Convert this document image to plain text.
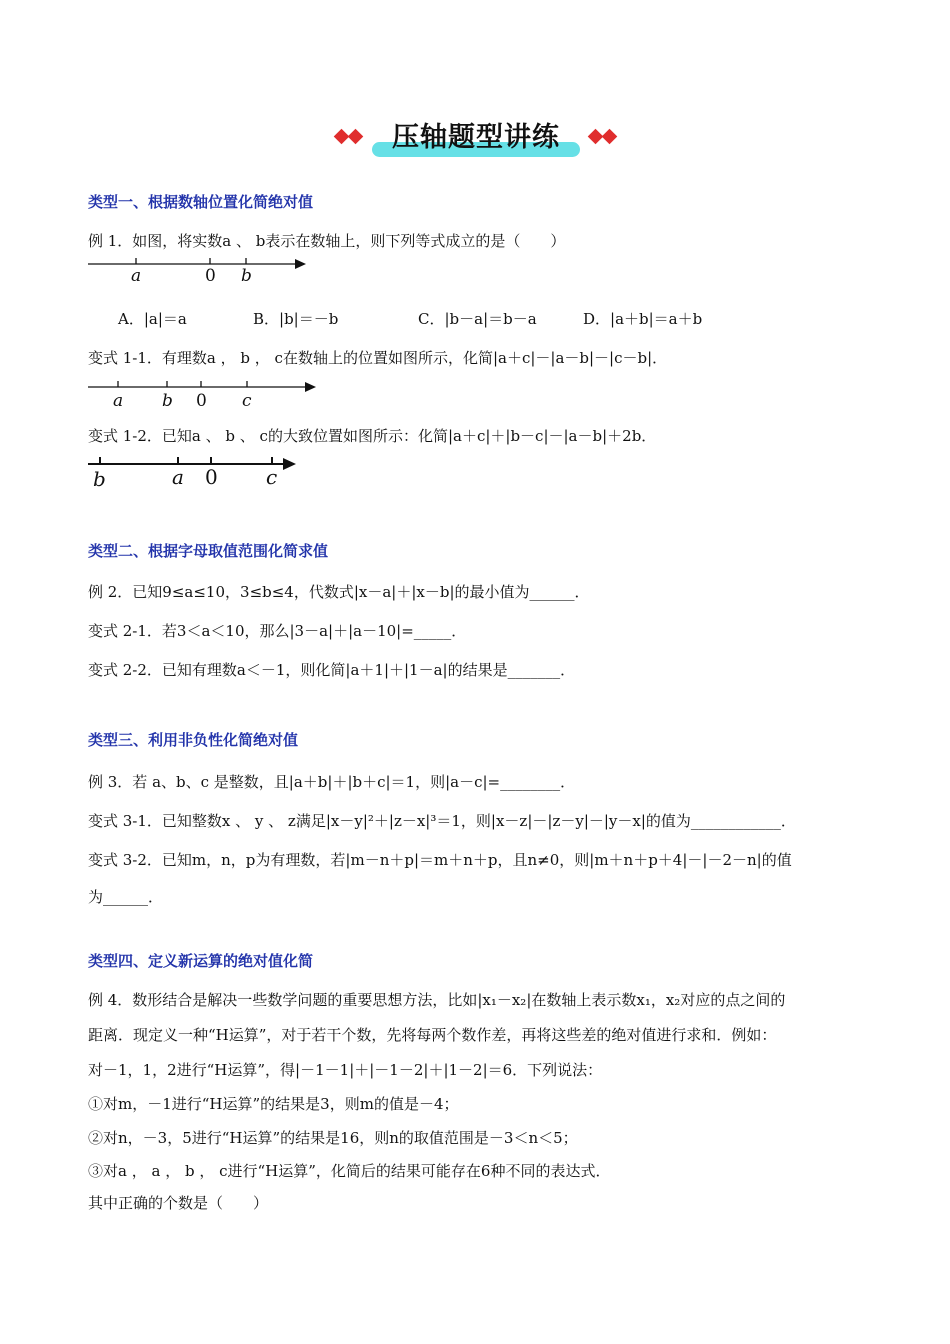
压轴题型讲练
类型一、根据数轴位置化简绝对值
例 1．如图，将实数a 、 b表示在数轴上，则下列等式成立的是（　　）
a	0 b
a b 0 c
b	a 0 c
A．|a|＝a	B．|b|＝－b	C．|b－a|＝b－a	D．|a＋b|＝a＋b
变式 1-1．有理数a ， b ， c在数轴上的位置如图所示，化简|a＋c|－|a－b|－|c－b|．
变式 1-2．已知a 、 b 、 c的大致位置如图所示：化简|a＋c|＋|b－c|－|a－b|＋2b．
类型二、根据字母取值范围化简求值
例 2．已知9≤a≤10，3≤b≤4，代数式|x－a|＋|x－b|的最小值为______．
变式 2-1．若3＜a＜10，那么|3－a|＋|a－10|=_____．
变式 2-2．已知有理数a＜－1，则化简|a＋1|＋|1－a|的结果是_______．
类型三、利用非负性化简绝对值
例 3．若 a、b、c 是整数，且|a＋b|＋|b＋c|＝1，则|a－c|=________．
变式 3-1．已知整数x 、 y 、 z满足|x－y|²＋|z－x|³＝1，则|x－z|－|z－y|－|y－x|的值为____________．
变式 3-2．已知m，n，p为有理数，若|m－n＋p|＝m＋n＋p，且n≠0，则|m＋n＋p＋4|－|－2－n|的值
为______．
类型四、定义新运算的绝对值化简
例 4．数形结合是解决一些数学问题的重要思想方法，比如|x₁－x₂|在数轴上表示数x₁，x₂对应的点之间的
距离．现定义一种“H运算”，对于若干个数，先将每两个数作差，再将这些差的绝对值进行求和．例如：
对－1，1，2进行“H运算”，得|－1－1|＋|－1－2|＋|1－2|＝6．下列说法：
①对m，－1进行“H运算”的结果是3，则m的值是－4；
②对n，－3，5进行“H运算”的结果是16，则n的取值范围是－3＜n＜5；
③对a ， a ， b ， c进行“H运算”，化简后的结果可能存在6种不同的表达式．
其中正确的个数是（　　）
